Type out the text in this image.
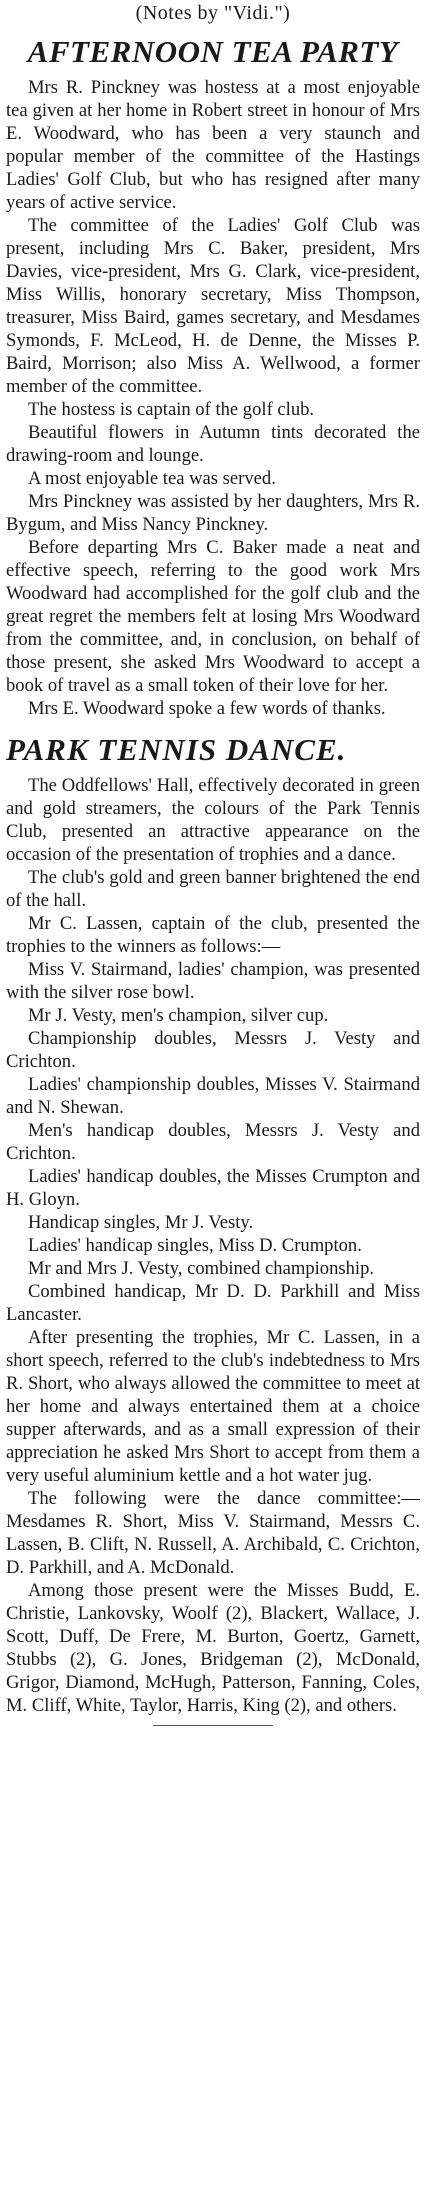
(Notes by "Vidi.")
AFTERNOON TEA PARTY

Mrs R. Pinckney was hostess at a most enjoyable tea given at her home in Robert street in honour of Mrs E. Woodward, who has been a very staunch and popular member of the committee of the Hastings Ladies' Golf Club, but who has resigned after many years of active service.

The committee of the Ladies' Golf Club was present, including Mrs C. Baker, president, Mrs Davies, vice-president, Mrs G. Clark, vice-president, Miss Willis, honorary secretary, Miss Thompson, treasurer, Miss Baird, games secretary, and Mesdames Symonds, F. McLeod, H. de Denne, the Misses P. Baird, Morrison; also Miss A. Wellwood, a former member of the committee.

The hostess is captain of the golf club.

Beautiful flowers in Autumn tints decorated the drawing-room and lounge.

A most enjoyable tea was served.

Mrs Pinckney was assisted by her daughters, Mrs R. Bygum, and Miss Nancy Pinckney.

Before departing Mrs C. Baker made a neat and effective speech, referring to the good work Mrs Woodward had accomplished for the golf club and the great regret the members felt at losing Mrs Woodward from the committee, and, in conclusion, on behalf of those present, she asked Mrs Woodward to accept a book of travel as a small token of their love for her.

Mrs E. Woodward spoke a few words of thanks.

PARK TENNIS DANCE.

The Oddfellows' Hall, effectively decorated in green and gold streamers, the colours of the Park Tennis Club, presented an attractive appearance on the occasion of the presentation of trophies and a dance.

The club's gold and green banner brightened the end of the hall.

Mr C. Lassen, captain of the club, presented the trophies to the winners as follows:—

Miss V. Stairmand, ladies' champion, was presented with the silver rose bowl.

Mr J. Vesty, men's champion, silver cup.

Championship doubles, Messrs J. Vesty and Crichton.

Ladies' championship doubles, Misses V. Stairmand and N. Shewan.

Men's handicap doubles, Messrs J. Vesty and Crichton.

Ladies' handicap doubles, the Misses Crumpton and H. Gloyn.

Handicap singles, Mr J. Vesty.

Ladies' handicap singles, Miss D. Crumpton.

Mr and Mrs J. Vesty, combined championship.

Combined handicap, Mr D. D. Parkhill and Miss Lancaster.

After presenting the trophies, Mr C. Lassen, in a short speech, referred to the club's indebtedness to Mrs R. Short, who always allowed the committee to meet at her home and always entertained them at a choice supper afterwards, and as a small expression of their appreciation he asked Mrs Short to accept from them a very useful aluminium kettle and a hot water jug.

The following were the dance committee:—Mesdames R. Short, Miss V. Stairmand, Messrs C. Lassen, B. Clift, N. Russell, A. Archibald, C. Crichton, D. Parkhill, and A. McDonald.

Among those present were the Misses Budd, E. Christie, Lankovsky, Woolf (2), Blackert, Wallace, J. Scott, Duff, De Frere, M. Burton, Goertz, Garnett, Stubbs (2), G. Jones, Bridgeman (2), McDonald, Grigor, Diamond, McHugh, Patterson, Fanning, Coles, M. Cliff, White, Taylor, Harris, King (2), and others.
